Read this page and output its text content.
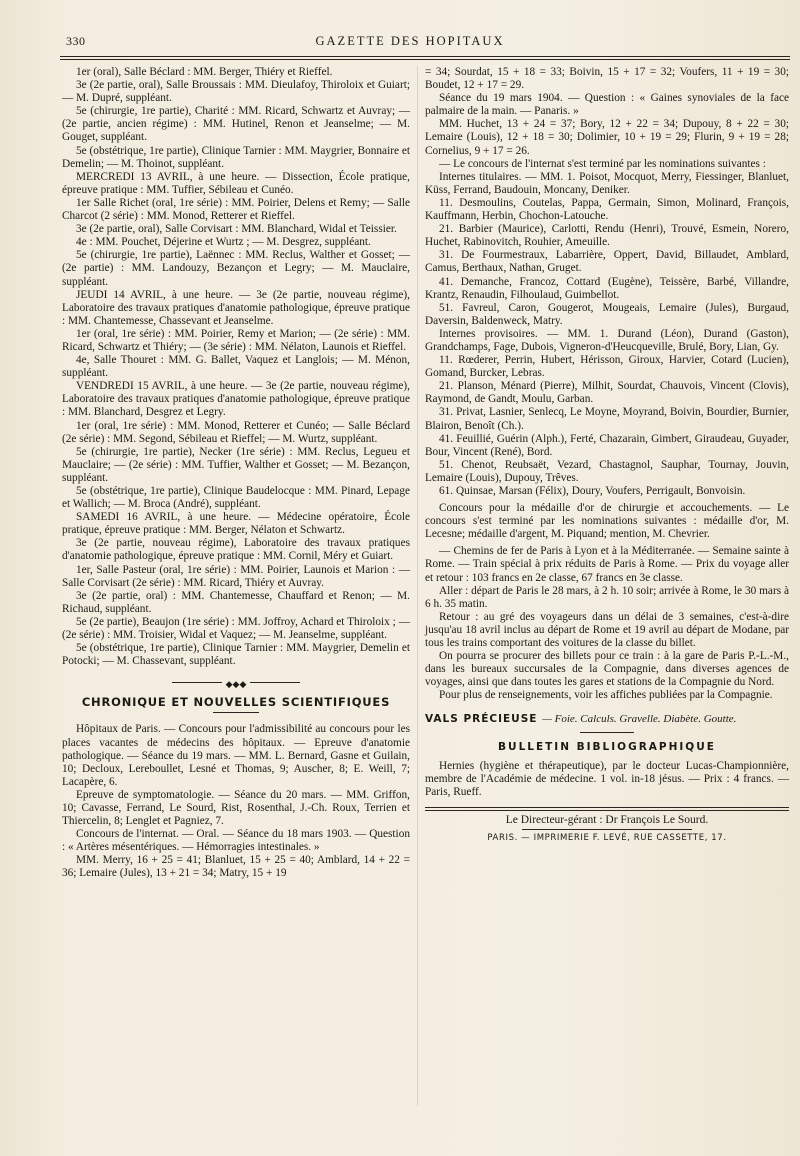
330	GAZETTE DES HOPITAUX

1er (oral), Salle Béclard : MM. Berger, Thiéry et Rieffel.

3e (2e partie, oral), Salle Broussais : MM. Dieulafoy, Thiroloix et Guiart; — M. Dupré, suppléant.

5e (chirurgie, 1re partie), Charité : MM. Ricard, Schwartz et Auvray; — (2e partie, ancien régime) : MM. Hutinel, Renon et Jeanselme; — M. Gouget, suppléant.

5e (obstétrique, 1re partie), Clinique Tarnier : MM. Maygrier, Bonnaire et Demelin; — M. Thoinot, suppléant.

MERCREDI 13 AVRIL, à une heure. — Dissection, École pratique, épreuve pratique : MM. Tuffier, Sébileau et Cunéo.

1er Salle Richet (oral, 1re série) : MM. Poirier, Delens et Remy; — Salle Charcot (2 série) : MM. Monod, Retterer et Rieffel.

3e (2e partie, oral), Salle Corvisart : MM. Blanchard, Widal et Teissier.

4e : MM. Pouchet, Déjerine et Wurtz ; — M. Desgrez, suppléant.

5e (chirurgie, 1re partie), Laënnec : MM. Reclus, Walther et Gosset; — (2e partie) : MM. Landouzy, Bezançon et Legry; — M. Mauclaire, suppléant.

JEUDI 14 AVRIL, à une heure. — 3e (2e partie, nouveau régime), Laboratoire des travaux pratiques d'anatomie pathologique, épreuve pratique : MM. Chantemesse, Chassevant et Jeanselme.

1er (oral, 1re série) : MM. Poirier, Remy et Marion; — (2e série) : MM. Ricard, Schwartz et Thiéry; — (3e série) : MM. Nélaton, Launois et Rieffel.

4e, Salle Thouret : MM. G. Ballet, Vaquez et Langlois; — M. Ménon, suppléant.

VENDREDI 15 AVRIL, à une heure. — 3e (2e partie, nouveau régime), Laboratoire des travaux pratiques d'anatomie pathologique, épreuve pratique : MM. Blanchard, Desgrez et Legry.

1er (oral, 1re série) : MM. Monod, Retterer et Cunéo; — Salle Béclard (2e série) : MM. Segond, Sébileau et Rieffel; — M. Wurtz, suppléant.

5e (chirurgie, 1re partie), Necker (1re série) : MM. Reclus, Legueu et Mauclaire; — (2e série) : MM. Tuffier, Walther et Gosset; — M. Bezançon, suppléant.

5e (obstétrique, 1re partie), Clinique Baudelocque : MM. Pinard, Lepage et Wallich; — M. Broca (André), suppléant.

SAMEDI 16 AVRIL, à une heure. — Médecine opératoire, École pratique, épreuve pratique : MM. Berger, Nélaton et Schwartz.

3e (2e partie, nouveau régime), Laboratoire des travaux pratiques d'anatomie pathologique, épreuve pratique : MM. Cornil, Méry et Guiart.

1er, Salle Pasteur (oral, 1re série) : MM. Poirier, Launois et Marion : — Salle Corvisart (2e série) : MM. Ricard, Thiéry et Auvray.

3e (2e partie, oral) : MM. Chantemesse, Chauffard et Renon; — M. Richaud, suppléant.

5e (2e partie), Beaujon (1re série) : MM. Joffroy, Achard et Thiroloix ; — (2e série) : MM. Troisier, Widal et Vaquez; — M. Jeanselme, suppléant.

5e (obstétrique, 1re partie), Clinique Tarnier : MM. Maygrier, Demelin et Potocki; — M. Chassevant, suppléant.

◆◆◆
CHRONIQUE ET NOUVELLES SCIENTIFIQUES

Hôpitaux de Paris. — Concours pour l'admissibilité au concours pour les places vacantes de médecins des hôpitaux. — Epreuve d'anatomie pathologique. — Séance du 19 mars. — MM. L. Bernard, Gasne et Guilain, 10; Decloux, Lereboullet, Lesné et Thomas, 9; Auscher, 8; E. Weill, 7; Lacapère, 6.

Epreuve de symptomatologie. — Séance du 20 mars. — MM. Griffon, 10; Cavasse, Ferrand, Le Sourd, Rist, Rosenthal, J.-Ch. Roux, Terrien et Thiercelin, 8; Lenglet et Pagniez, 7.

Concours de l'internat. — Oral. — Séance du 18 mars 1903. — Question : « Artères mésentériques. — Hémorragies intestinales. »

MM. Merry, 16 + 25 = 41; Blanluet, 15 + 25 = 40; Amblard, 14 + 22 = 36; Lemaire (Jules), 13 + 21 = 34; Matry, 15 + 19

= 34; Sourdat, 15 + 18 = 33; Boivin, 15 + 17 = 32; Voufers, 11 + 19 = 30; Boudet, 12 + 17 = 29.

Séance du 19 mars 1904. — Question : « Gaines synoviales de la face palmaire de la main. — Panaris. »

MM. Huchet, 13 + 24 = 37; Bory, 12 + 22 = 34; Dupouy, 8 + 22 = 30; Lemaire (Louis), 12 + 18 = 30; Dolimier, 10 + 19 = 29; Flurin, 9 + 19 = 28; Cornelius, 9 + 17 = 26.

— Le concours de l'internat s'est terminé par les nominations suivantes :

Internes titulaires. — MM. 1. Poisot, Mocquot, Merry, Fiessinger, Blanluet, Küss, Ferrand, Baudouin, Moncany, Deniker.

11. Desmoulins, Coutelas, Pappa, Germain, Simon, Molinard, François, Kauffmann, Herbin, Chochon-Latouche.

21. Barbier (Maurice), Carlotti, Rendu (Henri), Trouvé, Esmein, Norero, Huchet, Rabinovitch, Rouhier, Ameuille.

31. De Fourmestraux, Labarrière, Oppert, David, Billaudet, Amblard, Camus, Berthaux, Nathan, Gruget.

41. Demanche, Francoz, Cottard (Eugène), Teissère, Barbé, Villandre, Krantz, Renaudin, Filhoulaud, Guimbellot.

51. Favreul, Caron, Gougerot, Mougeais, Lemaire (Jules), Burgaud, Daversin, Baldenweck, Matry.

Internes provisoires. — MM. 1. Durand (Léon), Durand (Gaston), Grandchamps, Fage, Dubois, Vigneron-d'Heucqueville, Brulé, Bory, Lian, Gy.

11. Rœderer, Perrin, Hubert, Hérisson, Giroux, Harvier, Cotard (Lucien), Gomand, Burcker, Lebras.

21. Planson, Ménard (Pierre), Milhit, Sourdat, Chauvois, Vincent (Clovis), Raymond, de Gandt, Moulu, Garban.

31. Privat, Lasnier, Senlecq, Le Moyne, Moyrand, Boivin, Bourdier, Burnier, Blairon, Benoît (Ch.).

41. Feuillié, Guérin (Alph.), Ferté, Chazarain, Gimbert, Giraudeau, Guyader, Bour, Vincent (René), Bord.

51. Chenot, Reubsaët, Vezard, Chastagnol, Sauphar, Tournay, Jouvin, Lemaire (Louis), Dupouy, Trêves.

61. Quinsae, Marsan (Félix), Doury, Voufers, Perrigault, Bonvoisin.

Concours pour la médaille d'or de chirurgie et accouchements. — Le concours s'est terminé par les nominations suivantes : médaille d'or, M. Lecesne; médaille d'argent, M. Piquand; mention, M. Chevrier.

— Chemins de fer de Paris à Lyon et à la Méditerranée. — Semaine sainte à Rome. — Train spécial à prix réduits de Paris à Rome. — Prix du voyage aller et retour : 103 francs en 2e classe, 67 francs en 3e classe.

Aller : départ de Paris le 28 mars, à 2 h. 10 soir; arrivée à Rome, le 30 mars à 6 h. 35 matin.

Retour : au gré des voyageurs dans un délai de 3 semaines, c'est-à-dire jusqu'au 18 avril inclus au départ de Rome et 19 avril au départ de Modane, par tous les trains comportant des voitures de la classe du billet.

On pourra se procurer des billets pour ce train : à la gare de Paris P.-L.-M., dans les bureaux succursales de la Compagnie, dans diverses agences de voyages, ainsi que dans toutes les gares et stations de la Compagnie du Nord.

Pour plus de renseignements, voir les affiches publiées par la Compagnie.

VALS PRÉCIEUSE — Foie. Calculs. Gravelle. Diabète. Goutte.
BULLETIN BIBLIOGRAPHIQUE

Hernies (hygiène et thérapeutique), par le docteur Lucas-Championnière, membre de l'Académie de médecine. 1 vol. in-18 jésus. — Prix : 4 francs. — Paris, Rueff.

Le Directeur-gérant : Dr François Le Sourd.
PARIS. — IMPRIMERIE F. LEVÉ, RUE CASSETTE, 17.
